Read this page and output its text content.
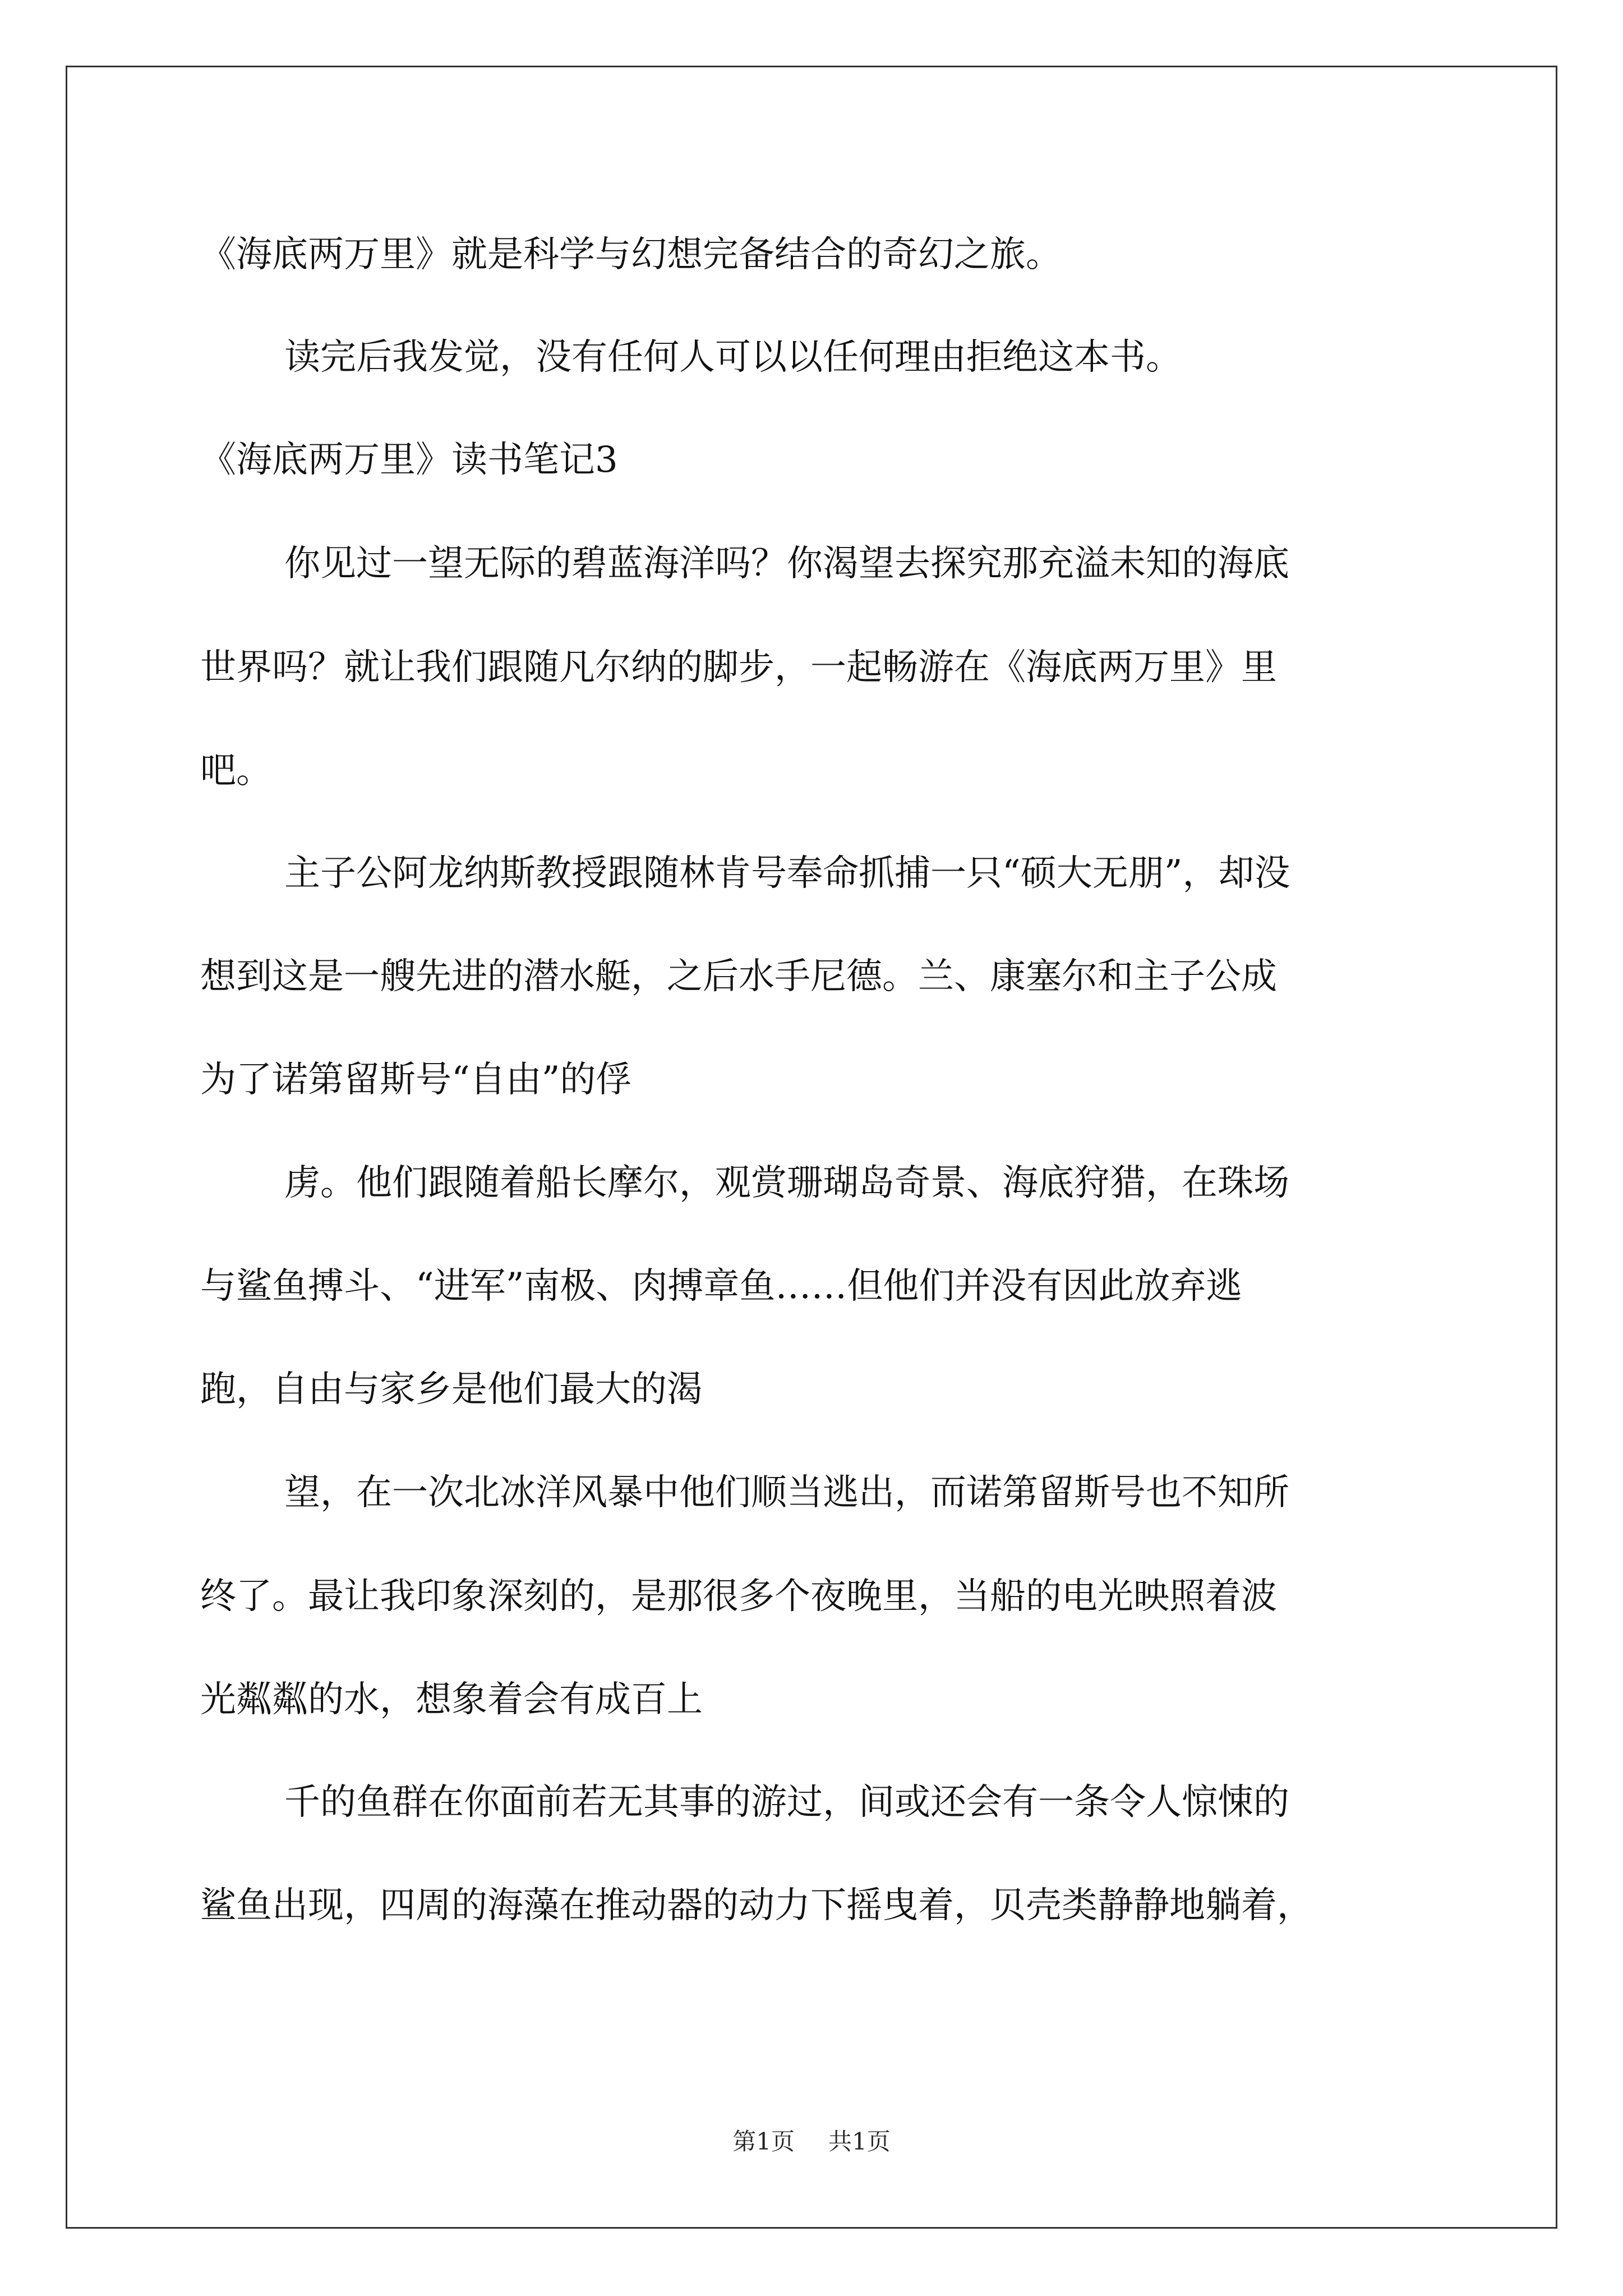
《海底两万里》就是科学与幻想完备结合的奇幻之旅。
读完后我发觉，没有任何人可以以任何理由拒绝这本书。
《海底两万里》读书笔记3
你见过一望无际的碧蓝海洋吗？你渴望去探究那充溢未知的海底
世界吗？就让我们跟随凡尔纳的脚步，一起畅游在《海底两万里》里
吧。
主子公阿龙纳斯教授跟随林肯号奉命抓捕一只“硕大无朋”，却没
想到这是一艘先进的潜水艇，之后水手尼德。兰、康塞尔和主子公成
为了诺第留斯号“自由”的俘
虏。他们跟随着船长摩尔，观赏珊瑚岛奇景、海底狩猎，在珠场
与鲨鱼搏斗、“进军”南极、肉搏章鱼……但他们并没有因此放弃逃
跑，自由与家乡是他们最大的渴
望，在一次北冰洋风暴中他们顺当逃出，而诺第留斯号也不知所
终了。最让我印象深刻的，是那很多个夜晚里，当船的电光映照着波
光粼粼的水，想象着会有成百上
千的鱼群在你面前若无其事的游过，间或还会有一条令人惊悚的
鲨鱼出现，四周的海藻在推动器的动力下摇曳着，贝壳类静静地躺着，
第1页 共1页
